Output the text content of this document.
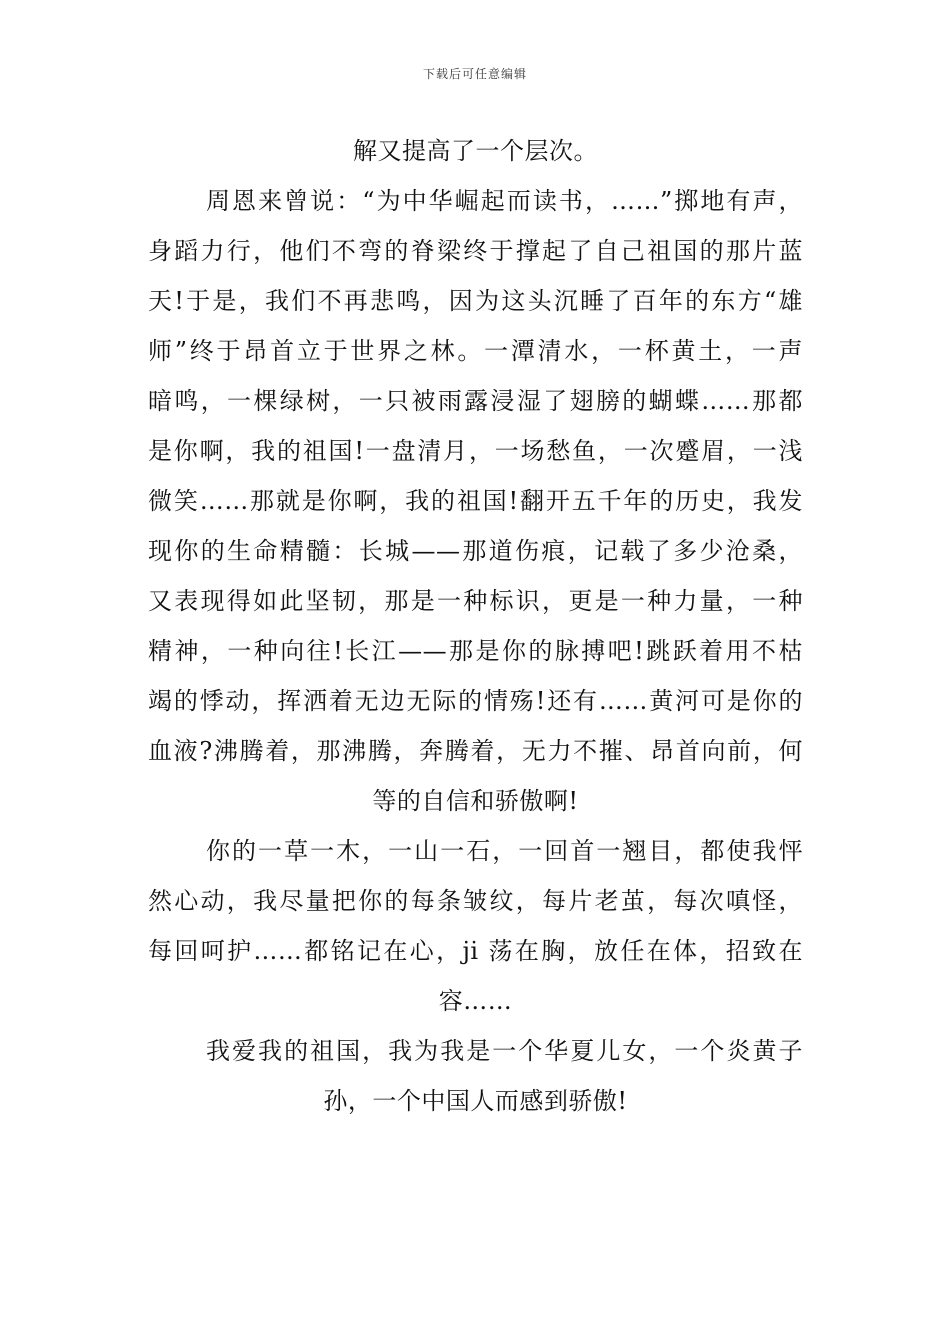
下载后可任意编辑
解又提高了一个层次。
周恩来曾说：“为中华崛起而读书，……”掷地有声，
身蹈力行，他们不弯的脊梁终于撑起了自己祖国的那片蓝
天!于是，我们不再悲鸣，因为这头沉睡了百年的东方“雄
师”终于昂首立于世界之林。一潭清水，一杯黄土，一声
暗鸣，一棵绿树，一只被雨露浸湿了翅膀的蝴蝶……那都
是你啊，我的祖国!一盘清月，一场愁鱼，一次蹙眉，一浅
微笑……那就是你啊，我的祖国!翻开五千年的历史，我发
现你的生命精髓：长城——那道伤痕，记载了多少沧桑，
又表现得如此坚韧，那是一种标识，更是一种力量，一种
精神，一种向往!长江——那是你的脉搏吧!跳跃着用不枯
竭的悸动，挥洒着无边无际的情殇!还有……黄河可是你的
血液?沸腾着，那沸腾，奔腾着，无力不摧、昂首向前，何
等的自信和骄傲啊!
你的一草一木，一山一石，一回首一翘目，都使我怦
然心动，我尽量把你的每条皱纹，每片老茧，每次嗔怪，
每回呵护……都铭记在心，ji 荡在胸，放任在体，招致在
容……
我爱我的祖国，我为我是一个华夏儿女，一个炎黄子
孙，一个中国人而感到骄傲!
